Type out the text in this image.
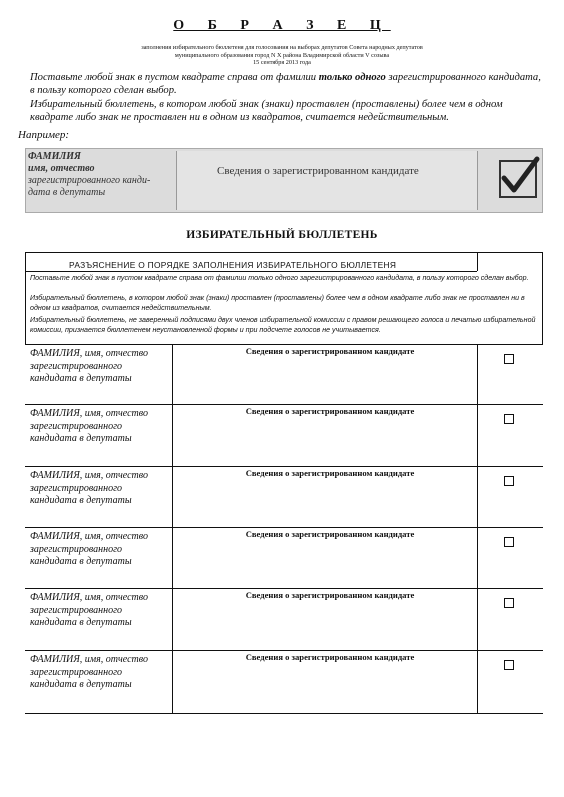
О Б Р А З Е Ц
заполнения избирательного бюллетеня для голосования на выборах депутатов Совета народных депутатов
муниципального образования город N X района Владимирской области V созыва
15 сентября 2013 года
Поставьте любой знак в пустом квадрате справа от фамилии только одного зарегистрированного кандидата, в пользу которого сделан выбор.
Избирательный бюллетень, в котором любой знак (знаки) проставлен (проставлены) более чем в одном квадрате либо знак не проставлен ни в одном из квадратов, считается недействительным.
Например:
ФАМИЛИЯ
имя, отчество
зарегистрированного канди-
дата в депутаты
Сведения о зарегистрированном кандидате
ИЗБИРАТЕЛЬНЫЙ БЮЛЛЕТЕНЬ
РАЗЪЯСНЕНИЕ О ПОРЯДКЕ ЗАПОЛНЕНИЯ ИЗБИРАТЕЛЬНОГО БЮЛЛЕТЕНЯ
Поставьте любой знак в пустом квадрате справа от фамилии только одного зарегистрированного кандидата, в пользу которого сделан выбор.
Избирательный бюллетень, в котором любой знак (знаки) проставлен (проставлены) более чем в одном квадрате либо знак не проставлен ни в одном из квадратов, считается недействительным.
Избирательный бюллетень, не заверенный подписями двух членов избирательной комиссии с правом решающего голоса и печатью избирательной комиссии, признается бюллетенем неустановленной формы и при подсчете голосов не учитывается.
ФАМИЛИЯ, имя, отчество
зарегистрированного
кандидата в депутаты
Сведения о зарегистрированном кандидате
ФАМИЛИЯ, имя, отчество
зарегистрированного
кандидата в депутаты
Сведения о зарегистрированном кандидате
ФАМИЛИЯ, имя, отчество
зарегистрированного
кандидата в депутаты
Сведения о зарегистрированном кандидате
ФАМИЛИЯ, имя, отчество
зарегистрированного
кандидата в депутаты
Сведения о зарегистрированном кандидате
ФАМИЛИЯ, имя, отчество
зарегистрированного
кандидата в депутаты
Сведения о зарегистрированном кандидате
ФАМИЛИЯ, имя, отчество
зарегистрированного
кандидата в депутаты
Сведения о зарегистрированном кандидате
